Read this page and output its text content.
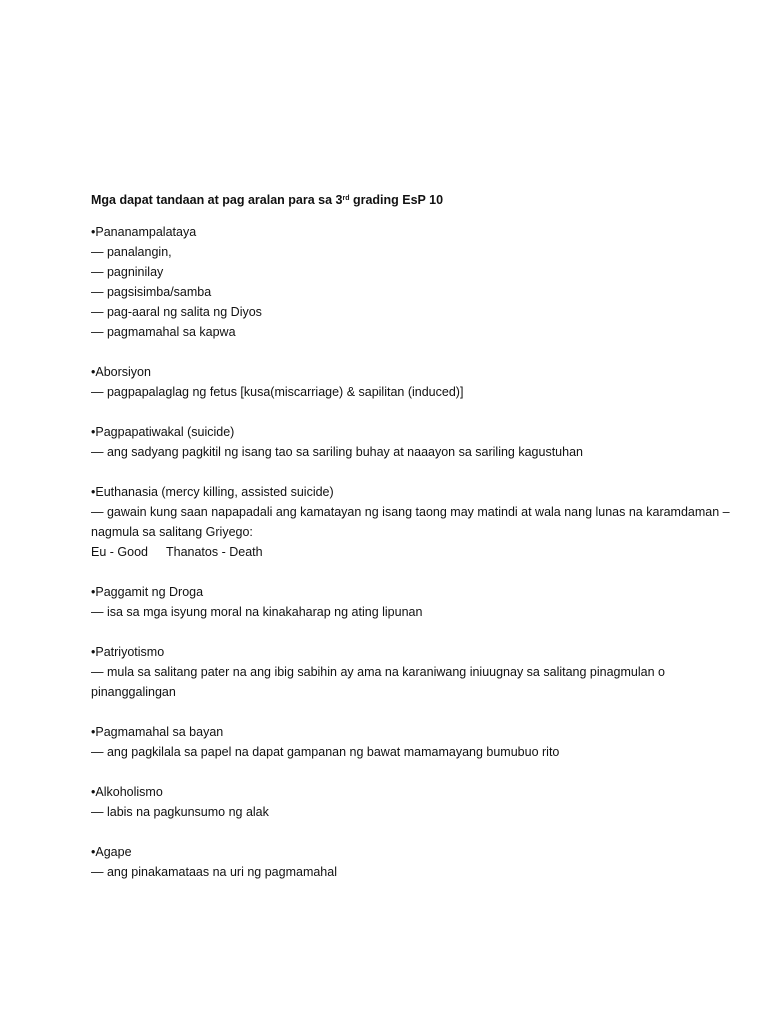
Mga dapat tandaan at pag aralan para sa 3rd grading EsP 10
•Pananampalataya
— panalangin,
— pagninilay
— pagsisimba/samba
— pag-aaral ng salita ng Diyos
— pagmamahal sa kapwa
•Aborsiyon
— pagpapalaglag ng fetus [kusa(miscarriage) & sapilitan (induced)]
•Pagpapatiwakal (suicide)
— ang sadyang pagkitil ng isang tao sa sariling buhay at naaayon sa sariling kagustuhan
•Euthanasia (mercy killing, assisted suicide)
— gawain kung saan napapadali ang kamatayan ng isang taong may matindi at wala nang lunas na karamdaman – nagmula sa salitang Griyego:
Eu - Good Thanatos - Death
•Paggamit ng Droga
— isa sa mga isyung moral na kinakaharap ng ating lipunan
•Patriyotismo
— mula sa salitang pater na ang ibig sabihin ay ama na karaniwang iniuugnay sa salitang pinagmulan o pinanggalingan
•Pagmamahal sa bayan
— ang pagkilala sa papel na dapat gampanan ng bawat mamamayang bumubuo rito
•Alkoholismo
— labis na pagkunsumo ng alak
•Agape
— ang pinakamataas na uri ng pagmamahal
